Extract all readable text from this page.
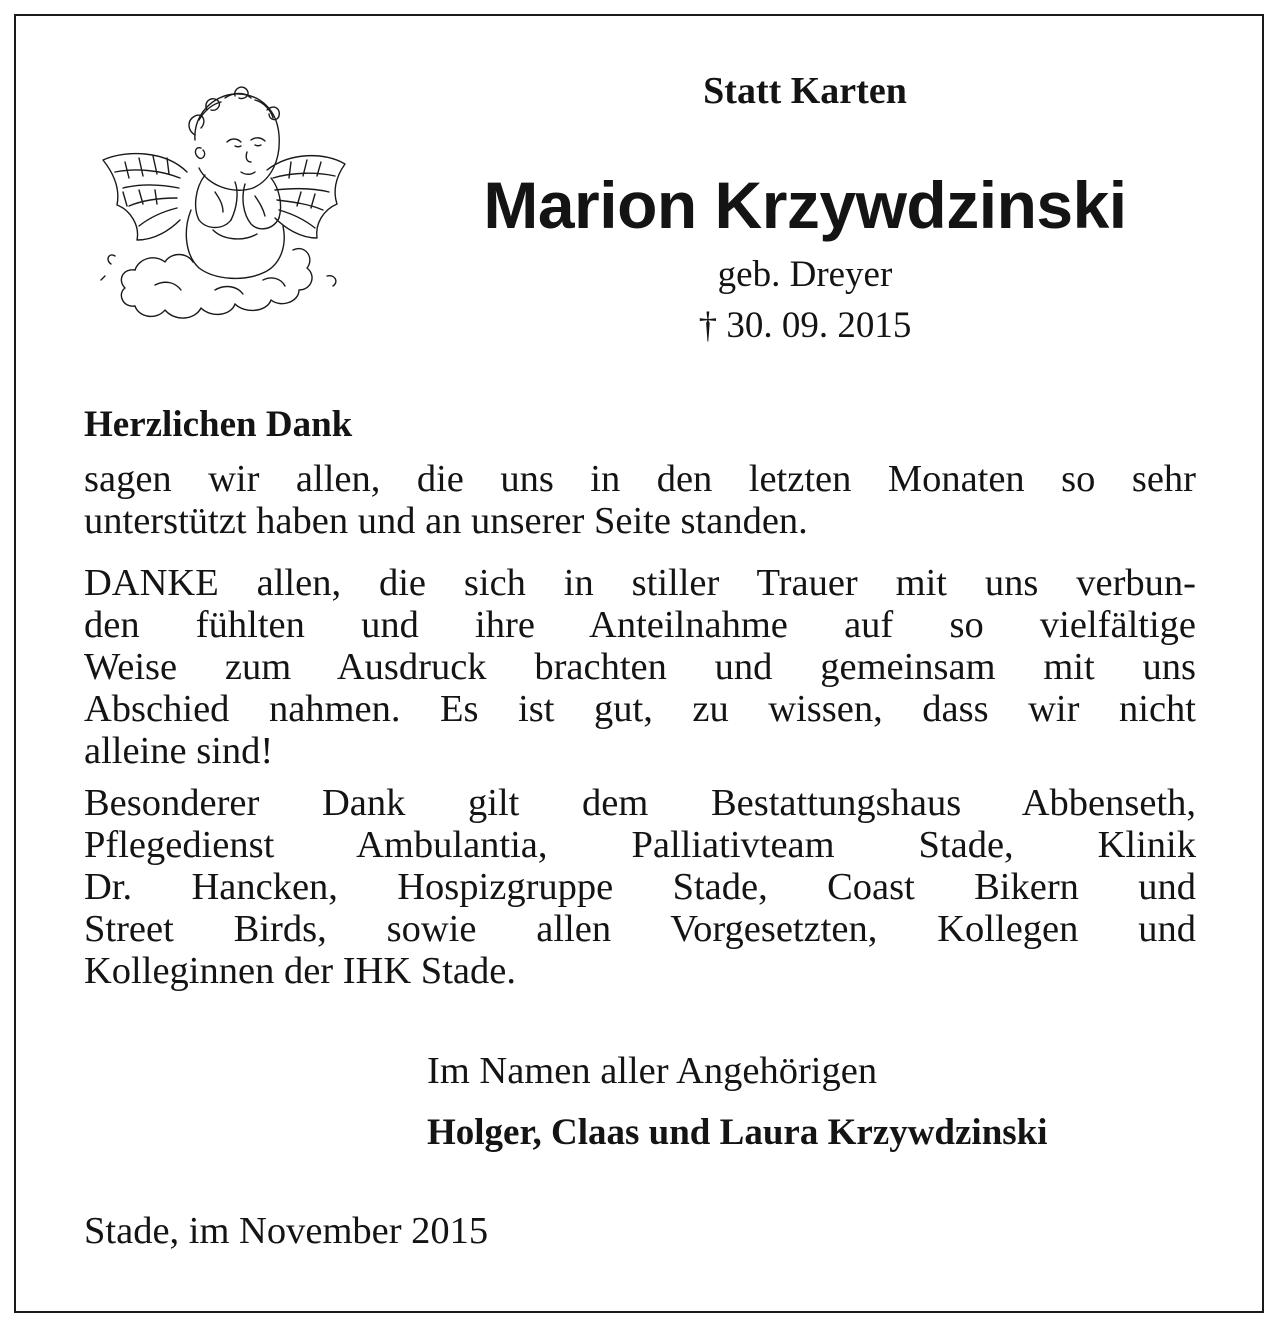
Statt Karten
Marion Krzywdzinski
geb. Dreyer
† 30. 09. 2015
Herzlichen Dank
sagen wir allen, die uns in den letzten Monaten so sehr
unterstützt haben und an unserer Seite standen.
DANKE allen, die sich in stiller Trauer mit uns verbun-
den fühlten und ihre Anteilnahme auf so vielfältige
Weise zum Ausdruck brachten und gemeinsam mit uns
Abschied nahmen. Es ist gut, zu wissen, dass wir nicht
alleine sind!
Besonderer Dank gilt dem Bestattungshaus Abbenseth,
Pflegedienst Ambulantia, Palliativteam Stade, Klinik
Dr. Hancken, Hospizgruppe Stade, Coast Bikern und
Street Birds, sowie allen Vorgesetzten, Kollegen und
Kolleginnen der IHK Stade.
Im Namen aller Angehörigen
Holger, Claas und Laura Krzywdzinski
Stade, im November 2015
